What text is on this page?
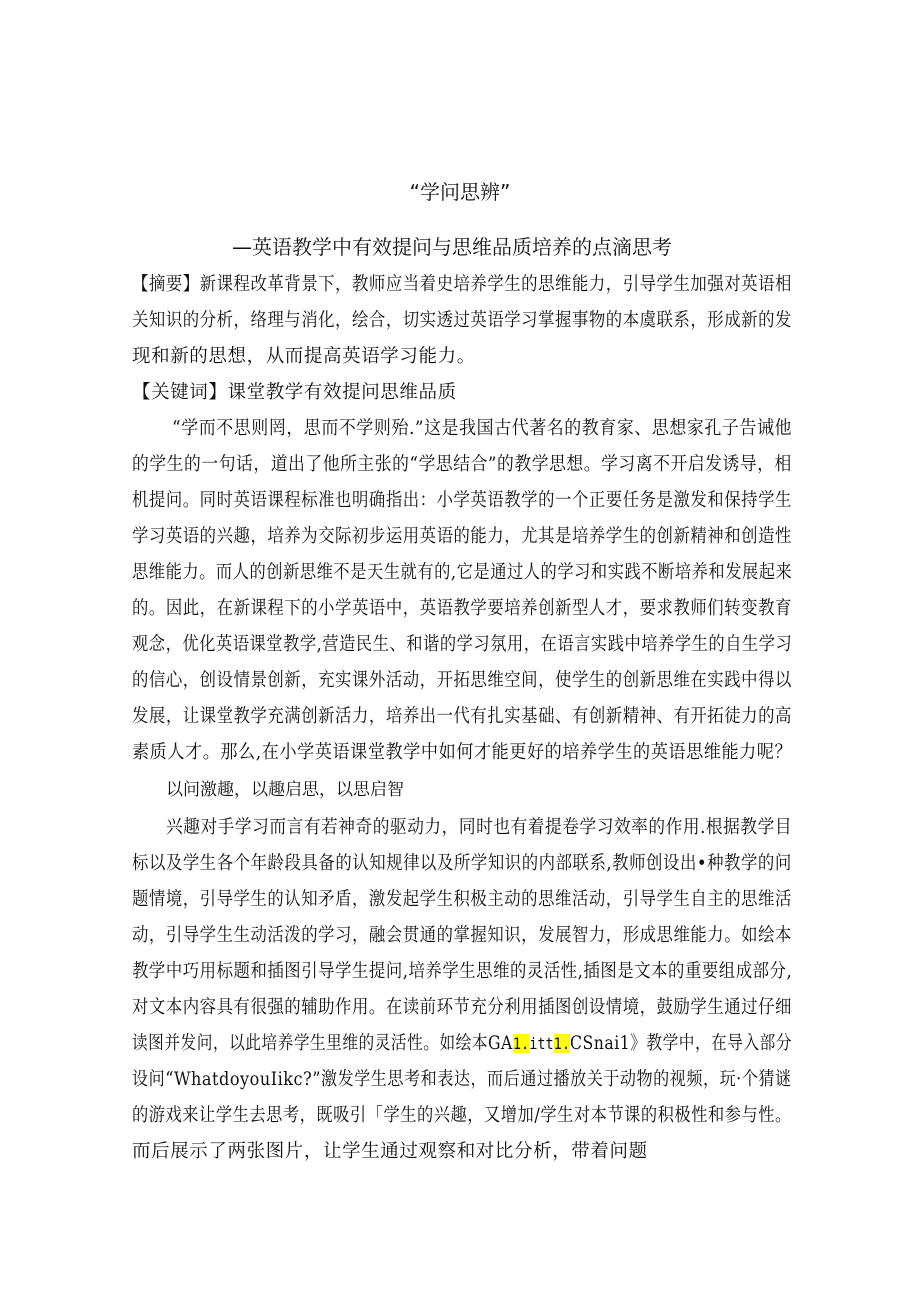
“学问思辨”
—英语教学中有效提问与思维品质培养的点滴思考
【摘要】新课程改革背景下，教师应当着史培养学生的思维能力，引导学生加强对英语相
关知识的分析，络理与消化，绘合，切实透过英语学习掌握事物的本虞联系，形成新的发
现和新的思想，从而提高英语学习能力。
【关键词】课堂教学有效提问思维品质
“学而不思则罔，思而不学则殆.”这是我国古代著名的教育家、思想家孔子告诫他
的学生的一句话，道出了他所主张的“学思结合”的教学思想。学习离不开启发诱导，相
机提问。同时英语课程标准也明确指出：小学英语教学的一个正要任务是激发和保持学生
学习英语的兴趣，培养为交际初步运用英语的能力，尤其是培养学生的创新精神和创造性
思维能力。而人的创新思维不是天生就有的,它是通过人的学习和实践不断培养和发展起来
的。因此，在新课程下的小学英语中，英语教学要培养创新型人才，要求教师们转变教育
观念，优化英语课堂教学,营造民生、和谐的学习氛用，在语言实践中培养学生的自生学习
的信心，创设情景创新，充实课外活动，开拓思维空间，使学生的创新思维在实践中得以
发展，让课堂教学充满创新活力，培养出一代有扎实基础、有创新精神、有开拓徒力的高
素质人才。那么,在小学英语课堂教学中如何才能更好的培养学生的英语思维能力呢？
以问激趣，以趣启思，以思启智
兴趣对手学习而言有若神奇的驱动力，同时也有着提卷学习效率的作用.根据教学目
标以及学生各个年龄段具备的认知规律以及所学知识的内部联系,教师创设出•种教学的问
题情境，引导学生的认知矛盾，激发起学生积极主动的思维活动，引导学生自主的思维活
动，引导学生生动活泼的学习，融会贯通的掌握知识，发展智力，形成思维能力。如绘本
教学中巧用标题和插图引导学生提问,培养学生思维的灵活性,插图是文本的重要组成部分,
对文本内容具有很强的辅助作用。在读前环节充分利用插图创设情境，鼓励学生通过仔细
读图并发问，以此培养学生里维的灵活性。如绘本GA1.itt1.CSnai1》教学中，在导入部分
设问“WhatdoyouIikc?”激发学生思考和表达，而后通过播放关于动物的视频，玩·个猜谜
的游戏来让学生去思考，既吸引「学生的兴趣，又增加/学生对本节课的积极性和参与性。
而后展示了两张图片，让学生通过观察和对比分析，带着问题
